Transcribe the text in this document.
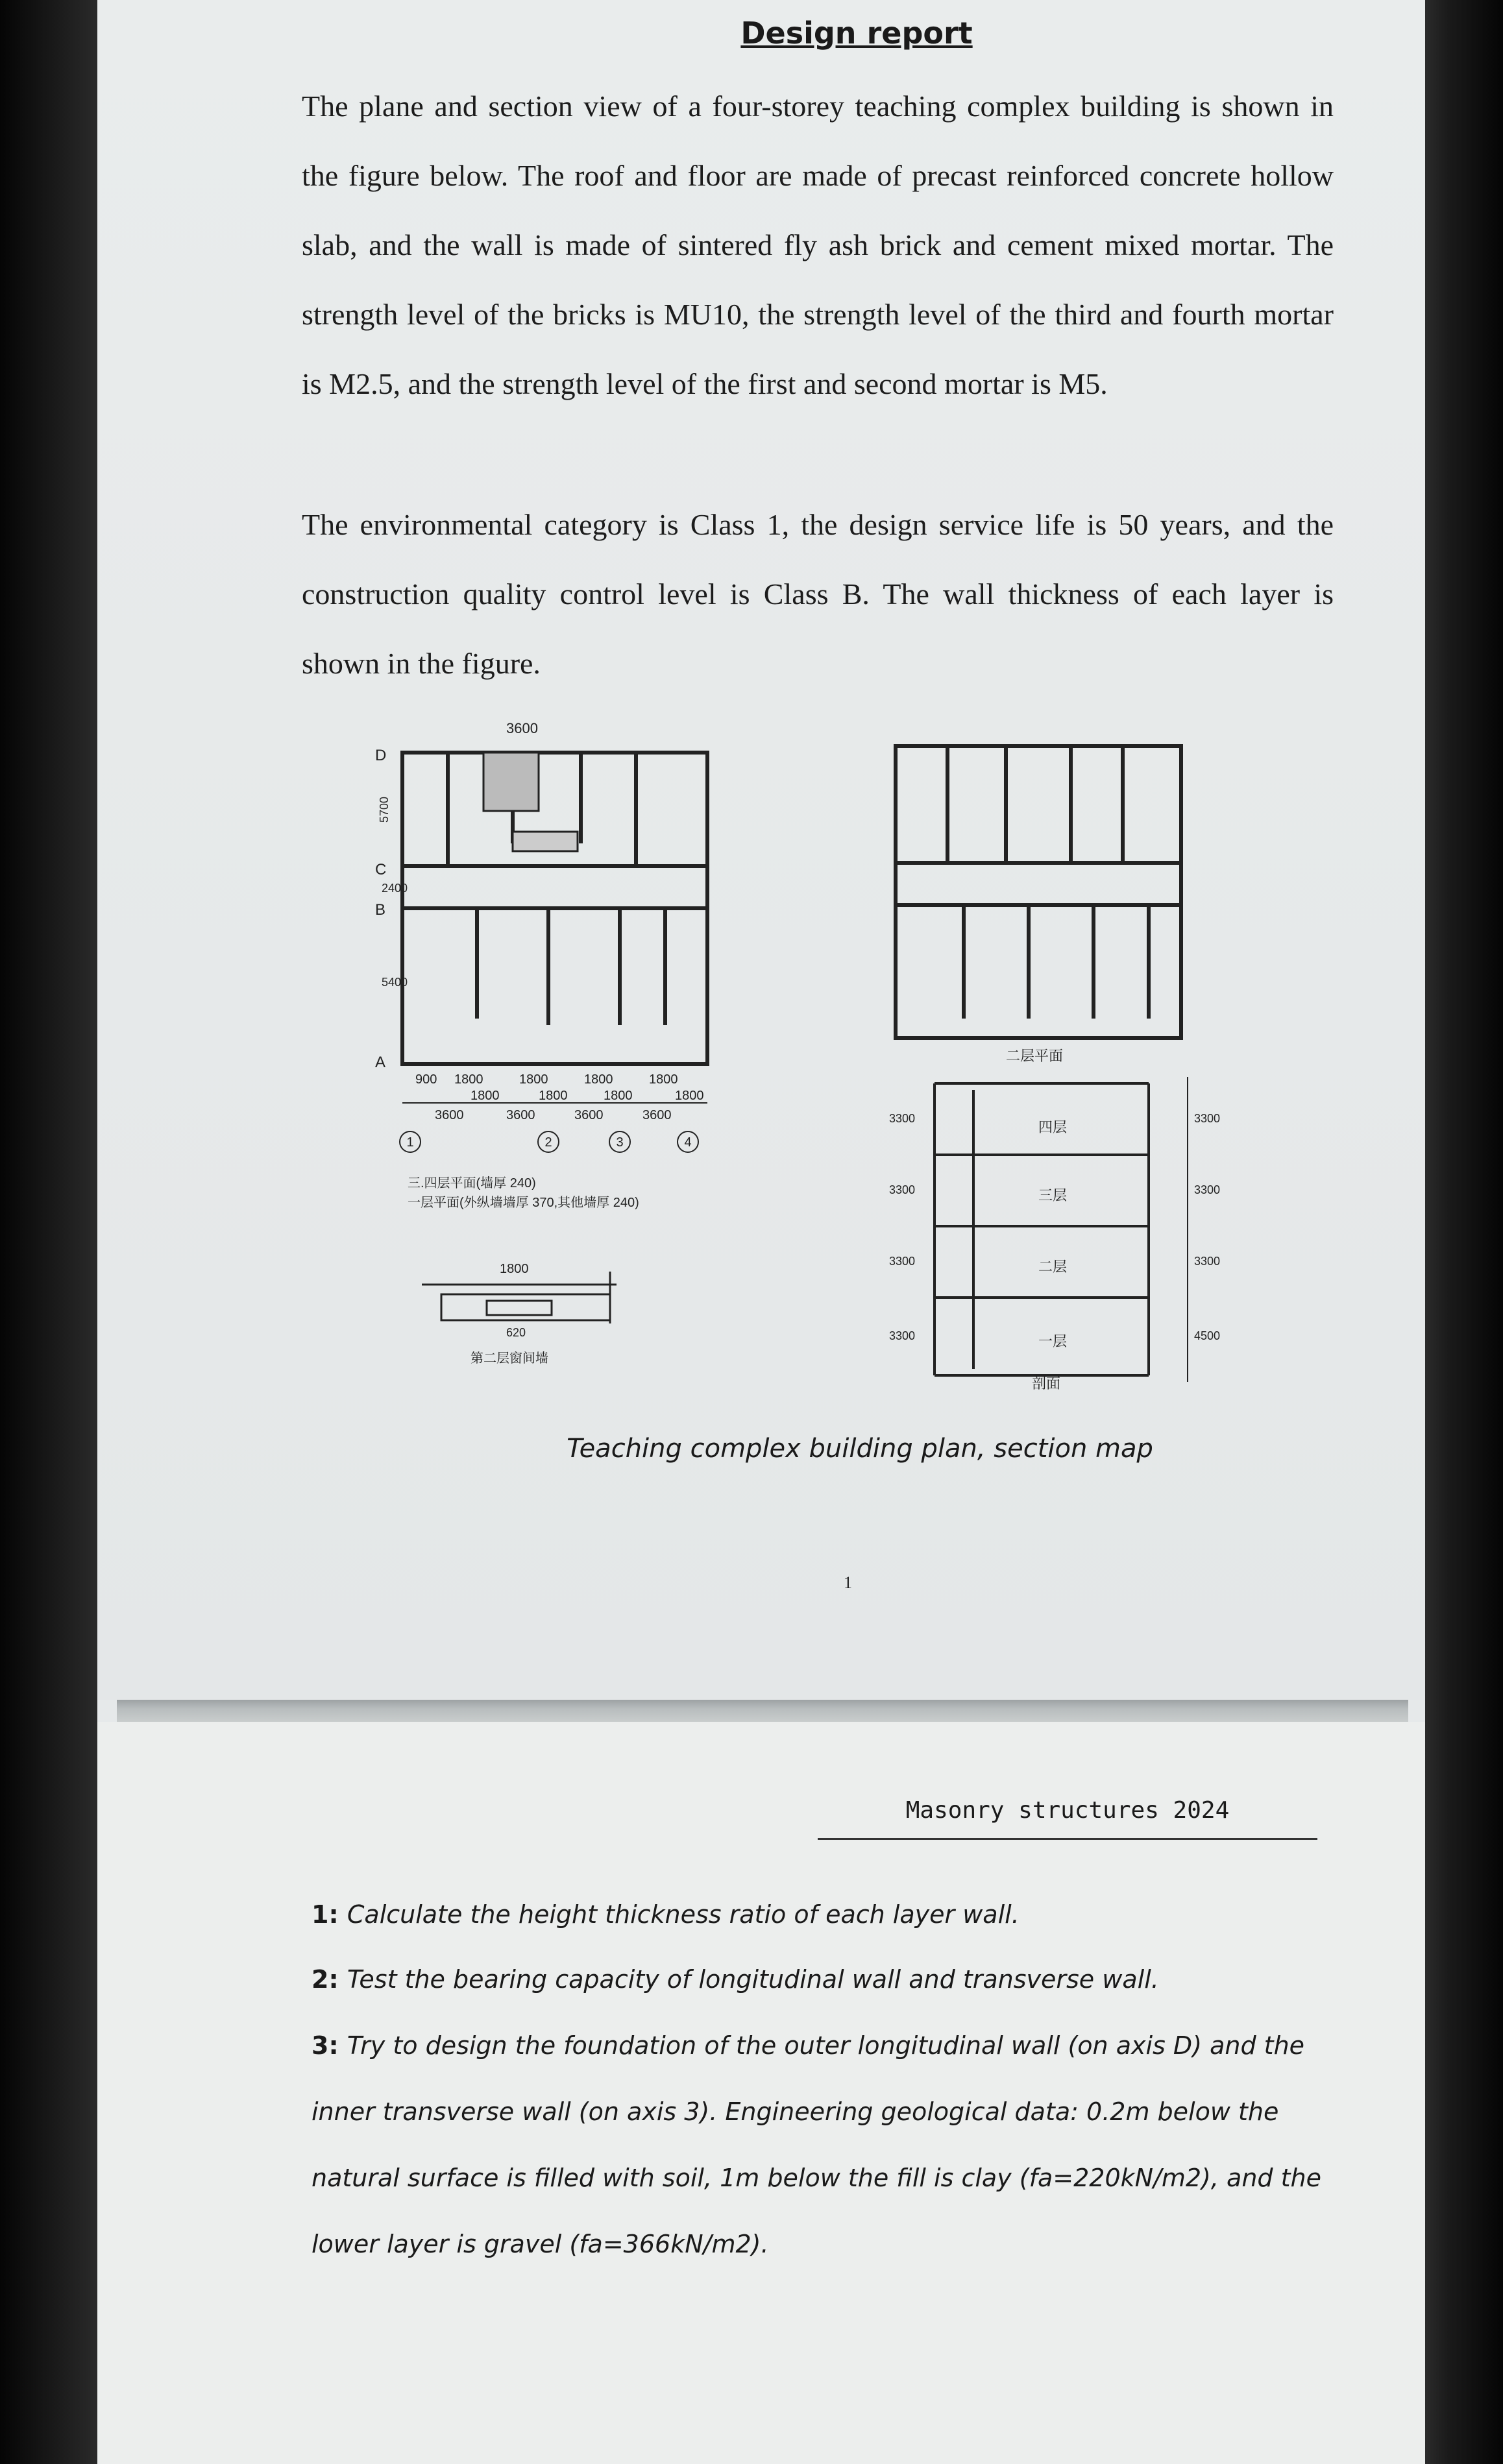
Design report

The plane and section view of a four-storey teaching complex building is shown in the figure below. The roof and floor are made of precast reinforced concrete hollow slab, and the wall is made of sintered fly ash brick and cement mixed mortar. The strength level of the bricks is MU10, the strength level of the third and fourth mortar is M2.5, and the strength level of the first and second mortar is M5.

The environmental category is Class 1, the design service life is 50 years, and the construction quality control level is Class B. The wall thickness of each layer is shown in the figure.

3600
D
C
B
A
5700
2400
5400
900 1800	1800	1800	1800
1800	1800	1800	1800
3600	3600	3600	3600
1	2	3	4
三.四层平面(墙厚 240)
一层平面(外纵墙墙厚 370,其他墙厚 240)
1800
620
第二层窗间墙
二层平面
四层
三层
二层
一层
剖面
3300
3300
3300
4500
3300
3300
3300
3300
Teaching complex building plan, section map
1
Masonry structures 2024

1: Calculate the height thickness ratio of each layer wall.

2: Test the bearing capacity of longitudinal wall and transverse wall.

3: Try to design the foundation of the outer longitudinal wall (on axis D) and the inner transverse wall (on axis 3). Engineering geological data: 0.2m below the natural surface is filled with soil, 1m below the fill is clay (fa=220kN/m2), and the lower layer is gravel (fa=366kN/m2).
